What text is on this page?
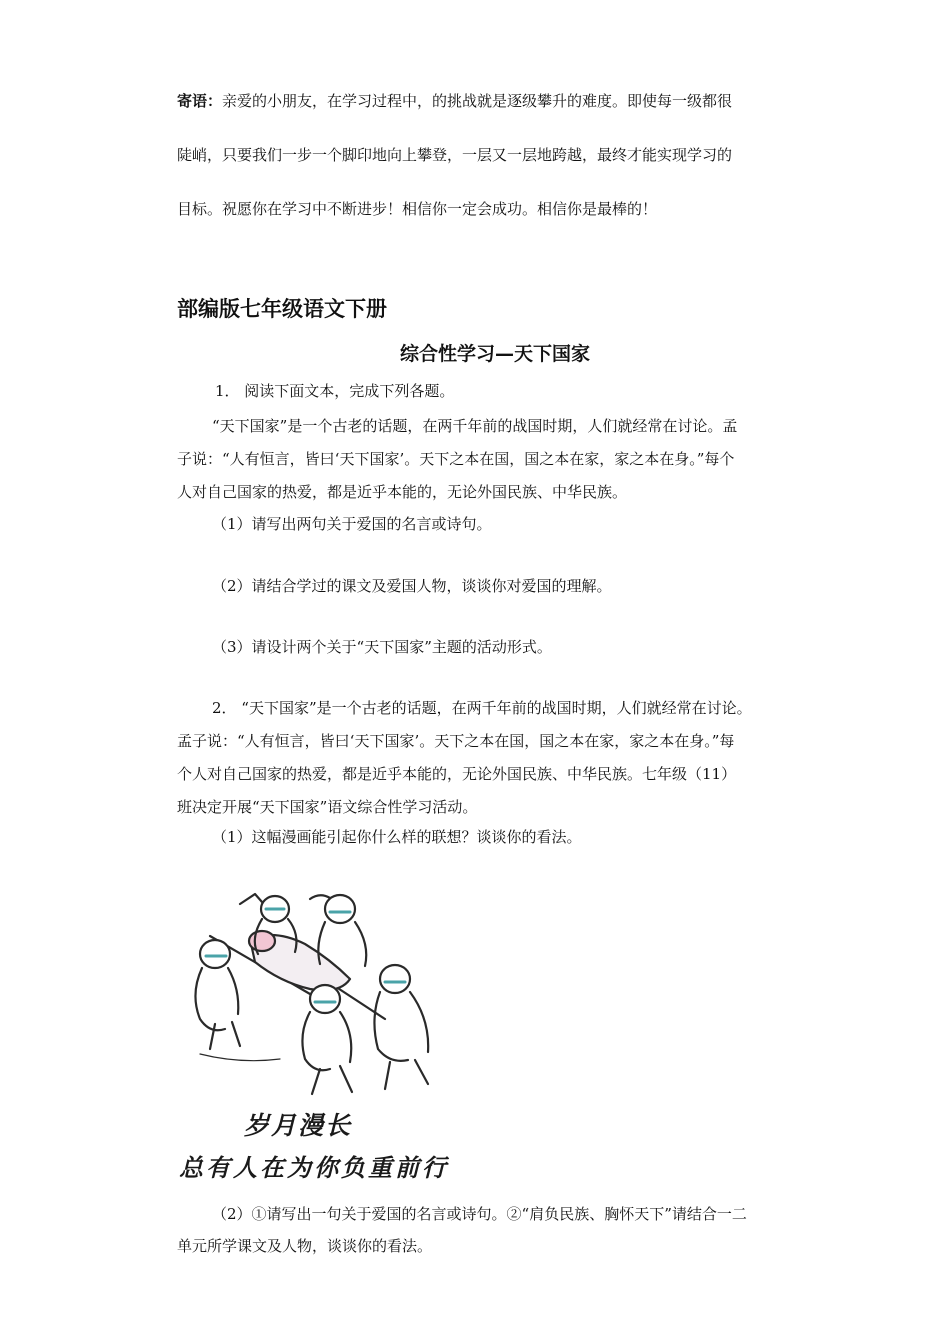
寄语：亲爱的小朋友，在学习过程中，的挑战就是逐级攀升的难度。即使每一级都很
陡峭，只要我们一步一个脚印地向上攀登，一层又一层地跨越，最终才能实现学习的
目标。祝愿你在学习中不断进步！相信你一定会成功。相信你是最棒的！
部编版七年级语文下册
综合性学习—天下国家
1． 阅读下面文本，完成下列各题。
“天下国家”是一个古老的话题，在两千年前的战国时期，人们就经常在讨论。孟
子说：“人有恒言，皆曰‘天下国家’。天下之本在国，国之本在家，家之本在身。”每个
人对自己国家的热爱，都是近乎本能的，无论外国民族、中华民族。
（1）请写出两句关于爱国的名言或诗句。
（2）请结合学过的课文及爱国人物，谈谈你对爱国的理解。
（3）请设计两个关于“天下国家”主题的活动形式。
2． “天下国家”是一个古老的话题，在两千年前的战国时期，人们就经常在讨论。
孟子说：“人有恒言，皆曰‘天下国家’。天下之本在国，国之本在家，家之本在身。”每
个人对自己国家的热爱，都是近乎本能的，无论外国民族、中华民族。七年级（11）
班决定开展“天下国家”语文综合性学习活动。
（1）这幅漫画能引起你什么样的联想？谈谈你的看法。
岁月漫长
总有人在为你负重前行
（2）①请写出一句关于爱国的名言或诗句。②“肩负民族、胸怀天下”请结合一二
单元所学课文及人物，谈谈你的看法。
